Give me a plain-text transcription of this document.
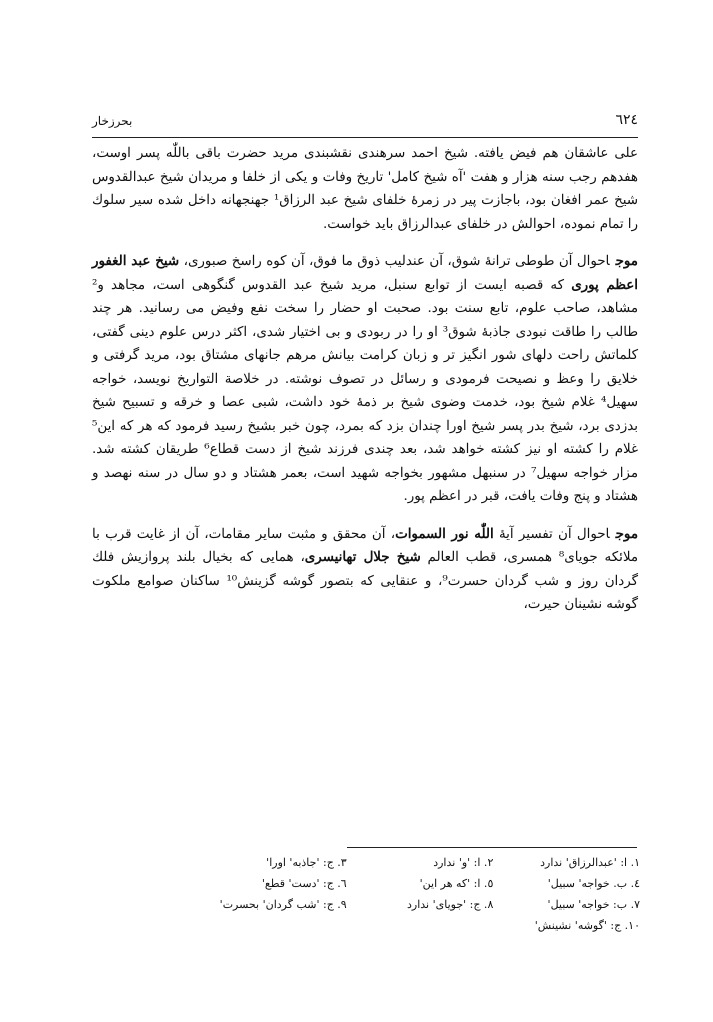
٦٢٤
بحرزخار

علی عاشقان هم فیض یافته. شیخ احمد سرهندی نقشبندی مرید حضرت باقی باللّٰه پسر اوست، هفدهم رجب سنه هزار و هفت 'آه شیخ کامل' تاریخ وفات و یکی از خلفا و مریدان شیخ عبدالقدوس شیخ عمر افغان بود، باجازت پیر در زمرهٔ خلفای شیخ عبد الرزاق¹ جهنجهانه داخل شده سیر سلوك را تمام نموده، احوالش در خلفای عبدالرزاق باید خواست.

موجاحوال آن طوطی ترانهٔ شوق، آن عندلیب ذوق ما فوق، آن کوه راسخ صبوری، شیخ عبد الغفور اعظم پوری که قصبه ایست از توابع سنبل، مرید شیخ عبد القدوس گنگوهی است، مجاهد و² مشاهد، صاحب علوم، تابع سنت بود. صحبت او حضار را سخت نفع وفیض می رسانید. هر چند طالب را طاقت نبودی جاذبهٔ شوق³ او را در ربودی و بی اختیار شدی، اکثر درس علوم دینی گفتی، کلماتش راحت دلهای شور انگیز تر و زبان کرامت بیانش مرهم جانهای مشتاق بود، مرید گرفتی و خلایق را وعظ و نصیحت فرمودی و رسائل در تصوف نوشته. در خلاصة التواریخ نویسد، خواجه سهیل⁴ غلام شیخ بود، خدمت وضوی شیخ بر ذمهٔ خود داشت، شبی عصا و خرقه و تسبیح شیخ بدزدی برد، شیخ بدر پسر شیخ اورا چندان بزد که بمرد، چون خبر بشیخ رسید فرمود که هر که این⁵ غلام را کشته او نیز کشته خواهد شد، بعد چندی فرزند شیخ از دست قطاع⁶ طریقان کشته شد. مزار خواجه سهیل⁷ در سنبهل مشهور بخواجه شهید است، بعمر هشتاد و دو سال در سنه نهصد و هشتاد و پنج وفات یافت، قبر در اعظم پور.

موجاحوال آن تفسیر آیهٔ اللّٰه نور السموات، آن محقق و مثبت سایر مقامات، آن از غایت قرب با ملائکه جویای⁸ همسری، قطب العالم شیخ جلال تهانیسری، همایی که بخیال بلند پروازیش فلك گردان روز و شب گردان حسرت⁹، و عنقایی که بتصور گوشه گزینش¹⁰ ساکنان صوامع ملکوت گوشه نشینان حیرت،

١. ا: 'عبدالرزاق' ندارد
٢. ا: 'و' ندارد
٣. ج: 'جاذبه' اورا'
٤. ب. خواجه' سبیل'
٥. ا: 'که هر این'
٦. ج: 'دست' قطع'
٧. ب: خواجه' سبیل'
٨. ج: 'جویای' ندارد
٩. ج: 'شب گردان' بحسرت'
١٠. ج: 'گوشه' نشینش'
